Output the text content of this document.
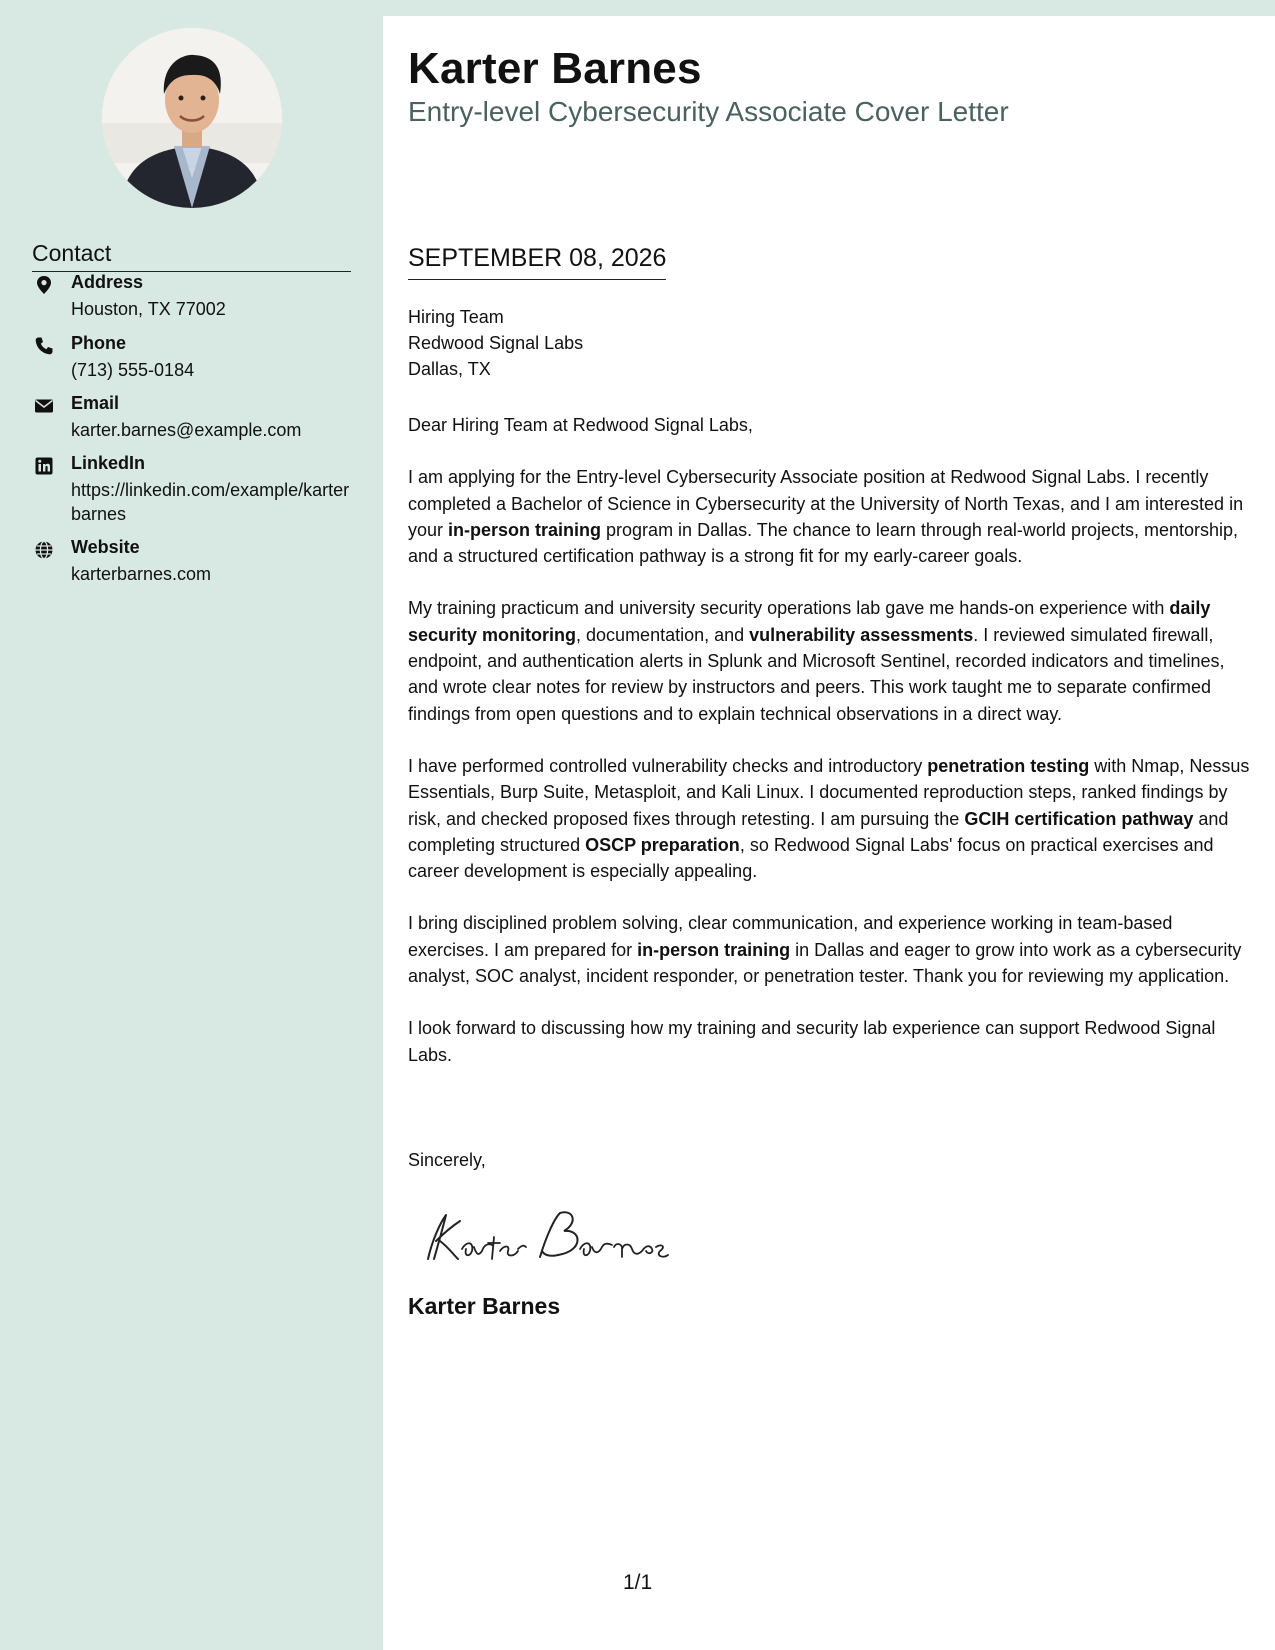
Contact
Address
Houston, TX 77002
Phone
(713) 555-0184
Email
karter.barnes@example.com
LinkedIn
https://linkedin.com/example/karterbarnes
Website
karterbarnes.com
Karter Barnes
Entry-level Cybersecurity Associate Cover Letter
SEPTEMBER 08, 2026
Hiring Team
Redwood Signal Labs
Dallas, TX
Dear Hiring Team at Redwood Signal Labs,

I am applying for the Entry-level Cybersecurity Associate position at Redwood Signal Labs. I recently completed a Bachelor of Science in Cybersecurity at the University of North Texas, and I am interested in your in-person training program in Dallas. The chance to learn through real-world projects, mentorship, and a structured certification pathway is a strong fit for my early-career goals.

My training practicum and university security operations lab gave me hands-on experience with daily security monitoring, documentation, and vulnerability assessments. I reviewed simulated firewall, endpoint, and authentication alerts in Splunk and Microsoft Sentinel, recorded indicators and timelines, and wrote clear notes for review by instructors and peers. This work taught me to separate confirmed findings from open questions and to explain technical observations in a direct way.

I have performed controlled vulnerability checks and introductory penetration testing with Nmap, Nessus Essentials, Burp Suite, Metasploit, and Kali Linux. I documented reproduction steps, ranked findings by risk, and checked proposed fixes through retesting. I am pursuing the GCIH certification pathway and completing structured OSCP preparation, so Redwood Signal Labs' focus on practical exercises and career development is especially appealing.

I bring disciplined problem solving, clear communication, and experience working in team-based exercises. I am prepared for in-person training in Dallas and eager to grow into work as a cybersecurity analyst, SOC analyst, incident responder, or penetration tester. Thank you for reviewing my application.

I look forward to discussing how my training and security lab experience can support Redwood Signal Labs.

Sincerely,
Karter Barnes
1/1
